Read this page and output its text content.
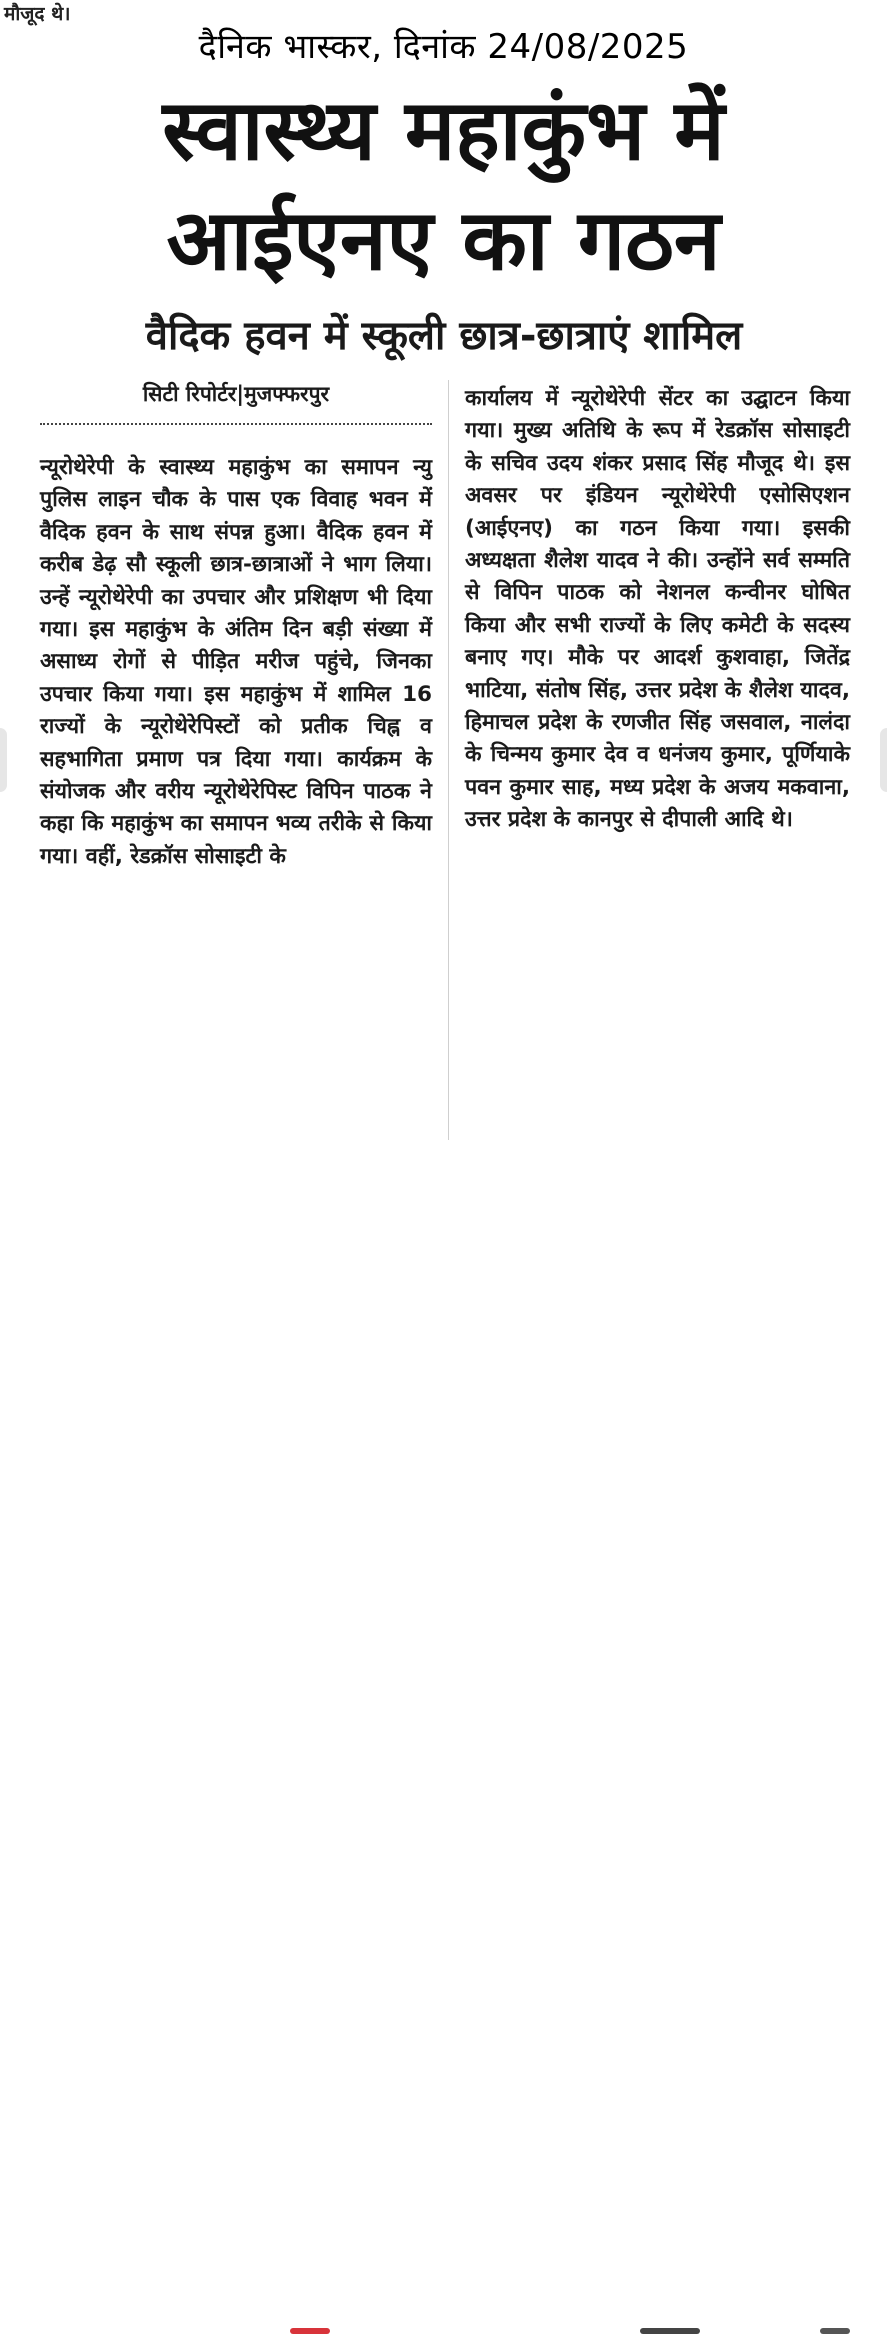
मौजूद थे।
दैनिक भास्कर, दिनांक 24/08/2025
स्वास्थ्य महाकुंभ में
आईएनए का गठन
वैदिक हवन में स्कूली छात्र-छात्राएं शामिल
सिटी रिपोर्टर|मुजफ्फरपुर
न्यूरोथेरेपी के स्वास्थ्य महाकुंभ का समापन न्यु पुलिस लाइन चौक के पास एक विवाह भवन में वैदिक हवन के साथ संपन्न हुआ। वैदिक हवन में करीब डेढ़ सौ स्कूली छात्र-छात्राओं ने भाग लिया। उन्हें न्यूरोथेरेपी का उपचार और प्रशिक्षण भी दिया गया। इस महाकुंभ के अंतिम दिन बड़ी संख्या में असाध्य रोगों से पीड़ित मरीज पहुंचे, जिनका उपचार किया गया। इस महाकुंभ में शामिल 16 राज्यों के न्यूरोथेरेपिस्टों को प्रतीक चिह्न व सहभागिता प्रमाण पत्र दिया गया। कार्यक्रम के संयोजक और वरीय न्यूरोथेरेपिस्ट विपिन पाठक ने कहा कि महाकुंभ का समापन भव्य तरीके से किया गया। वहीं, रेडक्रॉस सोसाइटी के
कार्यालय में न्यूरोथेरेपी सेंटर का उद्घाटन किया गया। मुख्य अतिथि के रूप में रेडक्रॉस सोसाइटी के सचिव उदय शंकर प्रसाद सिंह मौजूद थे। इस अवसर पर इंडियन न्यूरोथेरेपी एसोसिएशन (आईएनए) का गठन किया गया। इसकी अध्यक्षता शैलेश यादव ने की। उन्होंने सर्व सम्मति से विपिन पाठक को नेशनल कन्वीनर घोषित किया और सभी राज्यों के लिए कमेटी के सदस्य बनाए गए। मौके पर आदर्श कुशवाहा, जितेंद्र भाटिया, संतोष सिंह, उत्तर प्रदेश के शैलेश यादव, हिमाचल प्रदेश के रणजीत सिंह जसवाल, नालंदा के चिन्मय कुमार देव व धनंजय कुमार, पूर्णियाके पवन कुमार साह, मध्य प्रदेश के अजय मकवाना, उत्तर प्रदेश के कानपुर से दीपाली आदि थे।
